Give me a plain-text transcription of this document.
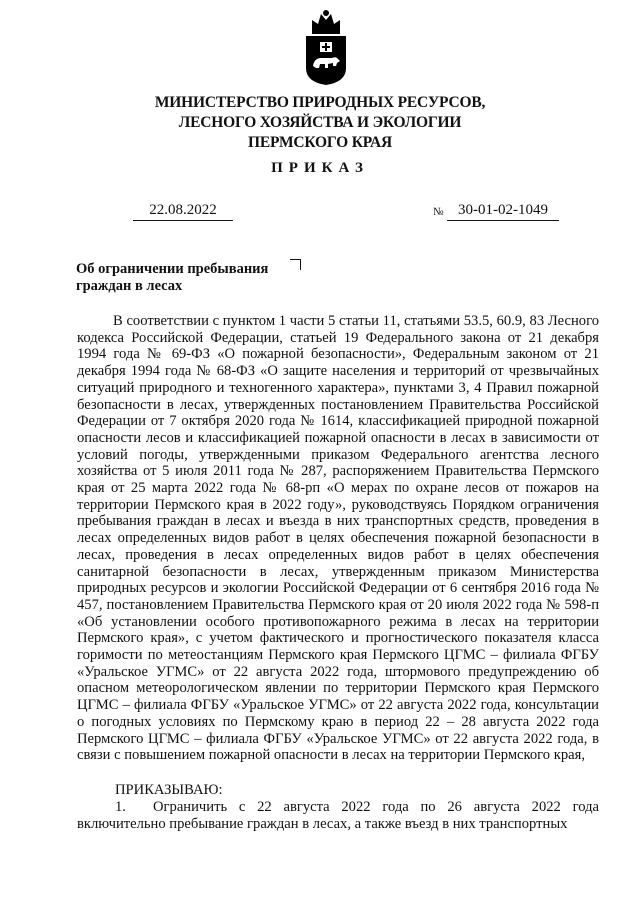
МИНИСТЕРСТВО ПРИРОДНЫХ РЕСУРСОВ,
ЛЕСНОГО ХОЗЯЙСТВА И ЭКОЛОГИИ
ПЕРМСКОГО КРАЯ
ПРИКАЗ
22.08.2022	№ 30-01-02-1049
Об ограничении пребывания
граждан в лесах

В соответствии с пунктом 1 части 5 статьи 11, статьями 53.5, 60.9, 83 Лесного кодекса Российской Федерации, статьей 19 Федерального закона от 21 декабря 1994 года № 69-ФЗ «О пожарной безопасности», Федеральным законом от 21 декабря 1994 года № 68-ФЗ «О защите населения и территорий от чрезвычайных ситуаций природного и техногенного характера», пунктами 3, 4 Правил пожарной безопасности в лесах, утвержденных постановлением Правительства Российской Федерации от 7 октября 2020 года № 1614, классификацией природной пожарной опасности лесов и классификацией пожарной опасности в лесах в зависимости от условий погоды, утвержденными приказом Федерального агентства лесного хозяйства от 5 июля 2011 года № 287, распоряжением Правительства Пермского края от 25 марта 2022 года № 68-рп «О мерах по охране лесов от пожаров на территории Пермского края в 2022 году», руководствуясь Порядком ограничения пребывания граждан в лесах и въезда в них транспортных средств, проведения в лесах определенных видов работ в целях обеспечения пожарной безопасности в лесах, проведения в лесах определенных видов работ в целях обеспечения санитарной безопасности в лесах, утвержденным приказом Министерства природных ресурсов и экологии Российской Федерации от 6 сентября 2016 года № 457, постановлением Правительства Пермского края от 20 июля 2022 года № 598-п «Об установлении особого противопожарного режима в лесах на территории Пермского края», с учетом фактического и прогностического показателя класса горимости по метеостанциям Пермского края Пермского ЦГМС – филиала ФГБУ «Уральское УГМС» от 22 августа 2022 года, штормового предупреждению об опасном метеорологическом явлении по территории Пермского края Пермского ЦГМС – филиала ФГБУ «Уральское УГМС» от 22 августа 2022 года, консультации о погодных условиях по Пермскому краю в период 22 – 28 августа 2022 года Пермского ЦГМС – филиала ФГБУ «Уральское УГМС» от 22 августа 2022 года, в связи с повышением пожарной опасности в лесах на территории Пермского края,

ПРИКАЗЫВАЮ:
1. Ограничить с 22 августа 2022 года по 26 августа 2022 года включительно пребывание граждан в лесах, а также въезд в них транспортных
